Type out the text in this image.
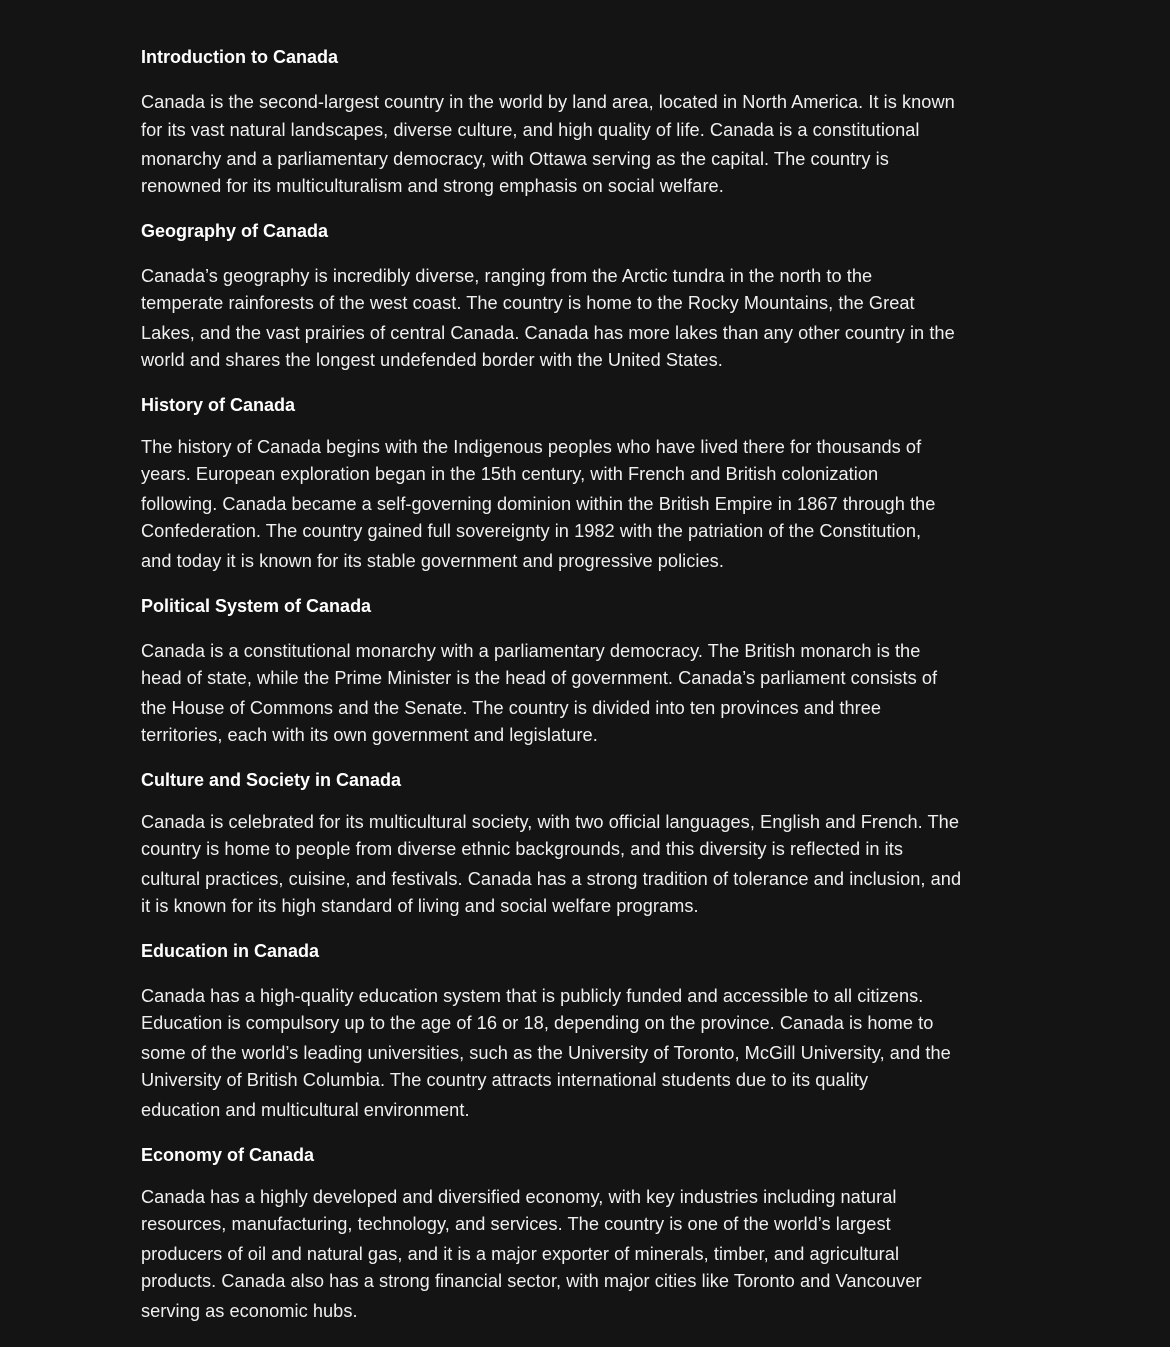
Introduction to Canada
Canada is the second-largest country in the world by land area, located in North America. It is known
for its vast natural landscapes, diverse culture, and high quality of life. Canada is a constitutional
monarchy and a parliamentary democracy, with Ottawa serving as the capital. The country is
renowned for its multiculturalism and strong emphasis on social welfare.
Geography of Canada
Canada’s geography is incredibly diverse, ranging from the Arctic tundra in the north to the
temperate rainforests of the west coast. The country is home to the Rocky Mountains, the Great
Lakes, and the vast prairies of central Canada. Canada has more lakes than any other country in the
world and shares the longest undefended border with the United States.
History of Canada
The history of Canada begins with the Indigenous peoples who have lived there for thousands of
years. European exploration began in the 15th century, with French and British colonization
following. Canada became a self-governing dominion within the British Empire in 1867 through the
Confederation. The country gained full sovereignty in 1982 with the patriation of the Constitution,
and today it is known for its stable government and progressive policies.
Political System of Canada
Canada is a constitutional monarchy with a parliamentary democracy. The British monarch is the
head of state, while the Prime Minister is the head of government. Canada’s parliament consists of
the House of Commons and the Senate. The country is divided into ten provinces and three
territories, each with its own government and legislature.
Culture and Society in Canada
Canada is celebrated for its multicultural society, with two official languages, English and French. The
country is home to people from diverse ethnic backgrounds, and this diversity is reflected in its
cultural practices, cuisine, and festivals. Canada has a strong tradition of tolerance and inclusion, and
it is known for its high standard of living and social welfare programs.
Education in Canada
Canada has a high-quality education system that is publicly funded and accessible to all citizens.
Education is compulsory up to the age of 16 or 18, depending on the province. Canada is home to
some of the world’s leading universities, such as the University of Toronto, McGill University, and the
University of British Columbia. The country attracts international students due to its quality
education and multicultural environment.
Economy of Canada
Canada has a highly developed and diversified economy, with key industries including natural
resources, manufacturing, technology, and services. The country is one of the world’s largest
producers of oil and natural gas, and it is a major exporter of minerals, timber, and agricultural
products. Canada also has a strong financial sector, with major cities like Toronto and Vancouver
serving as economic hubs.
